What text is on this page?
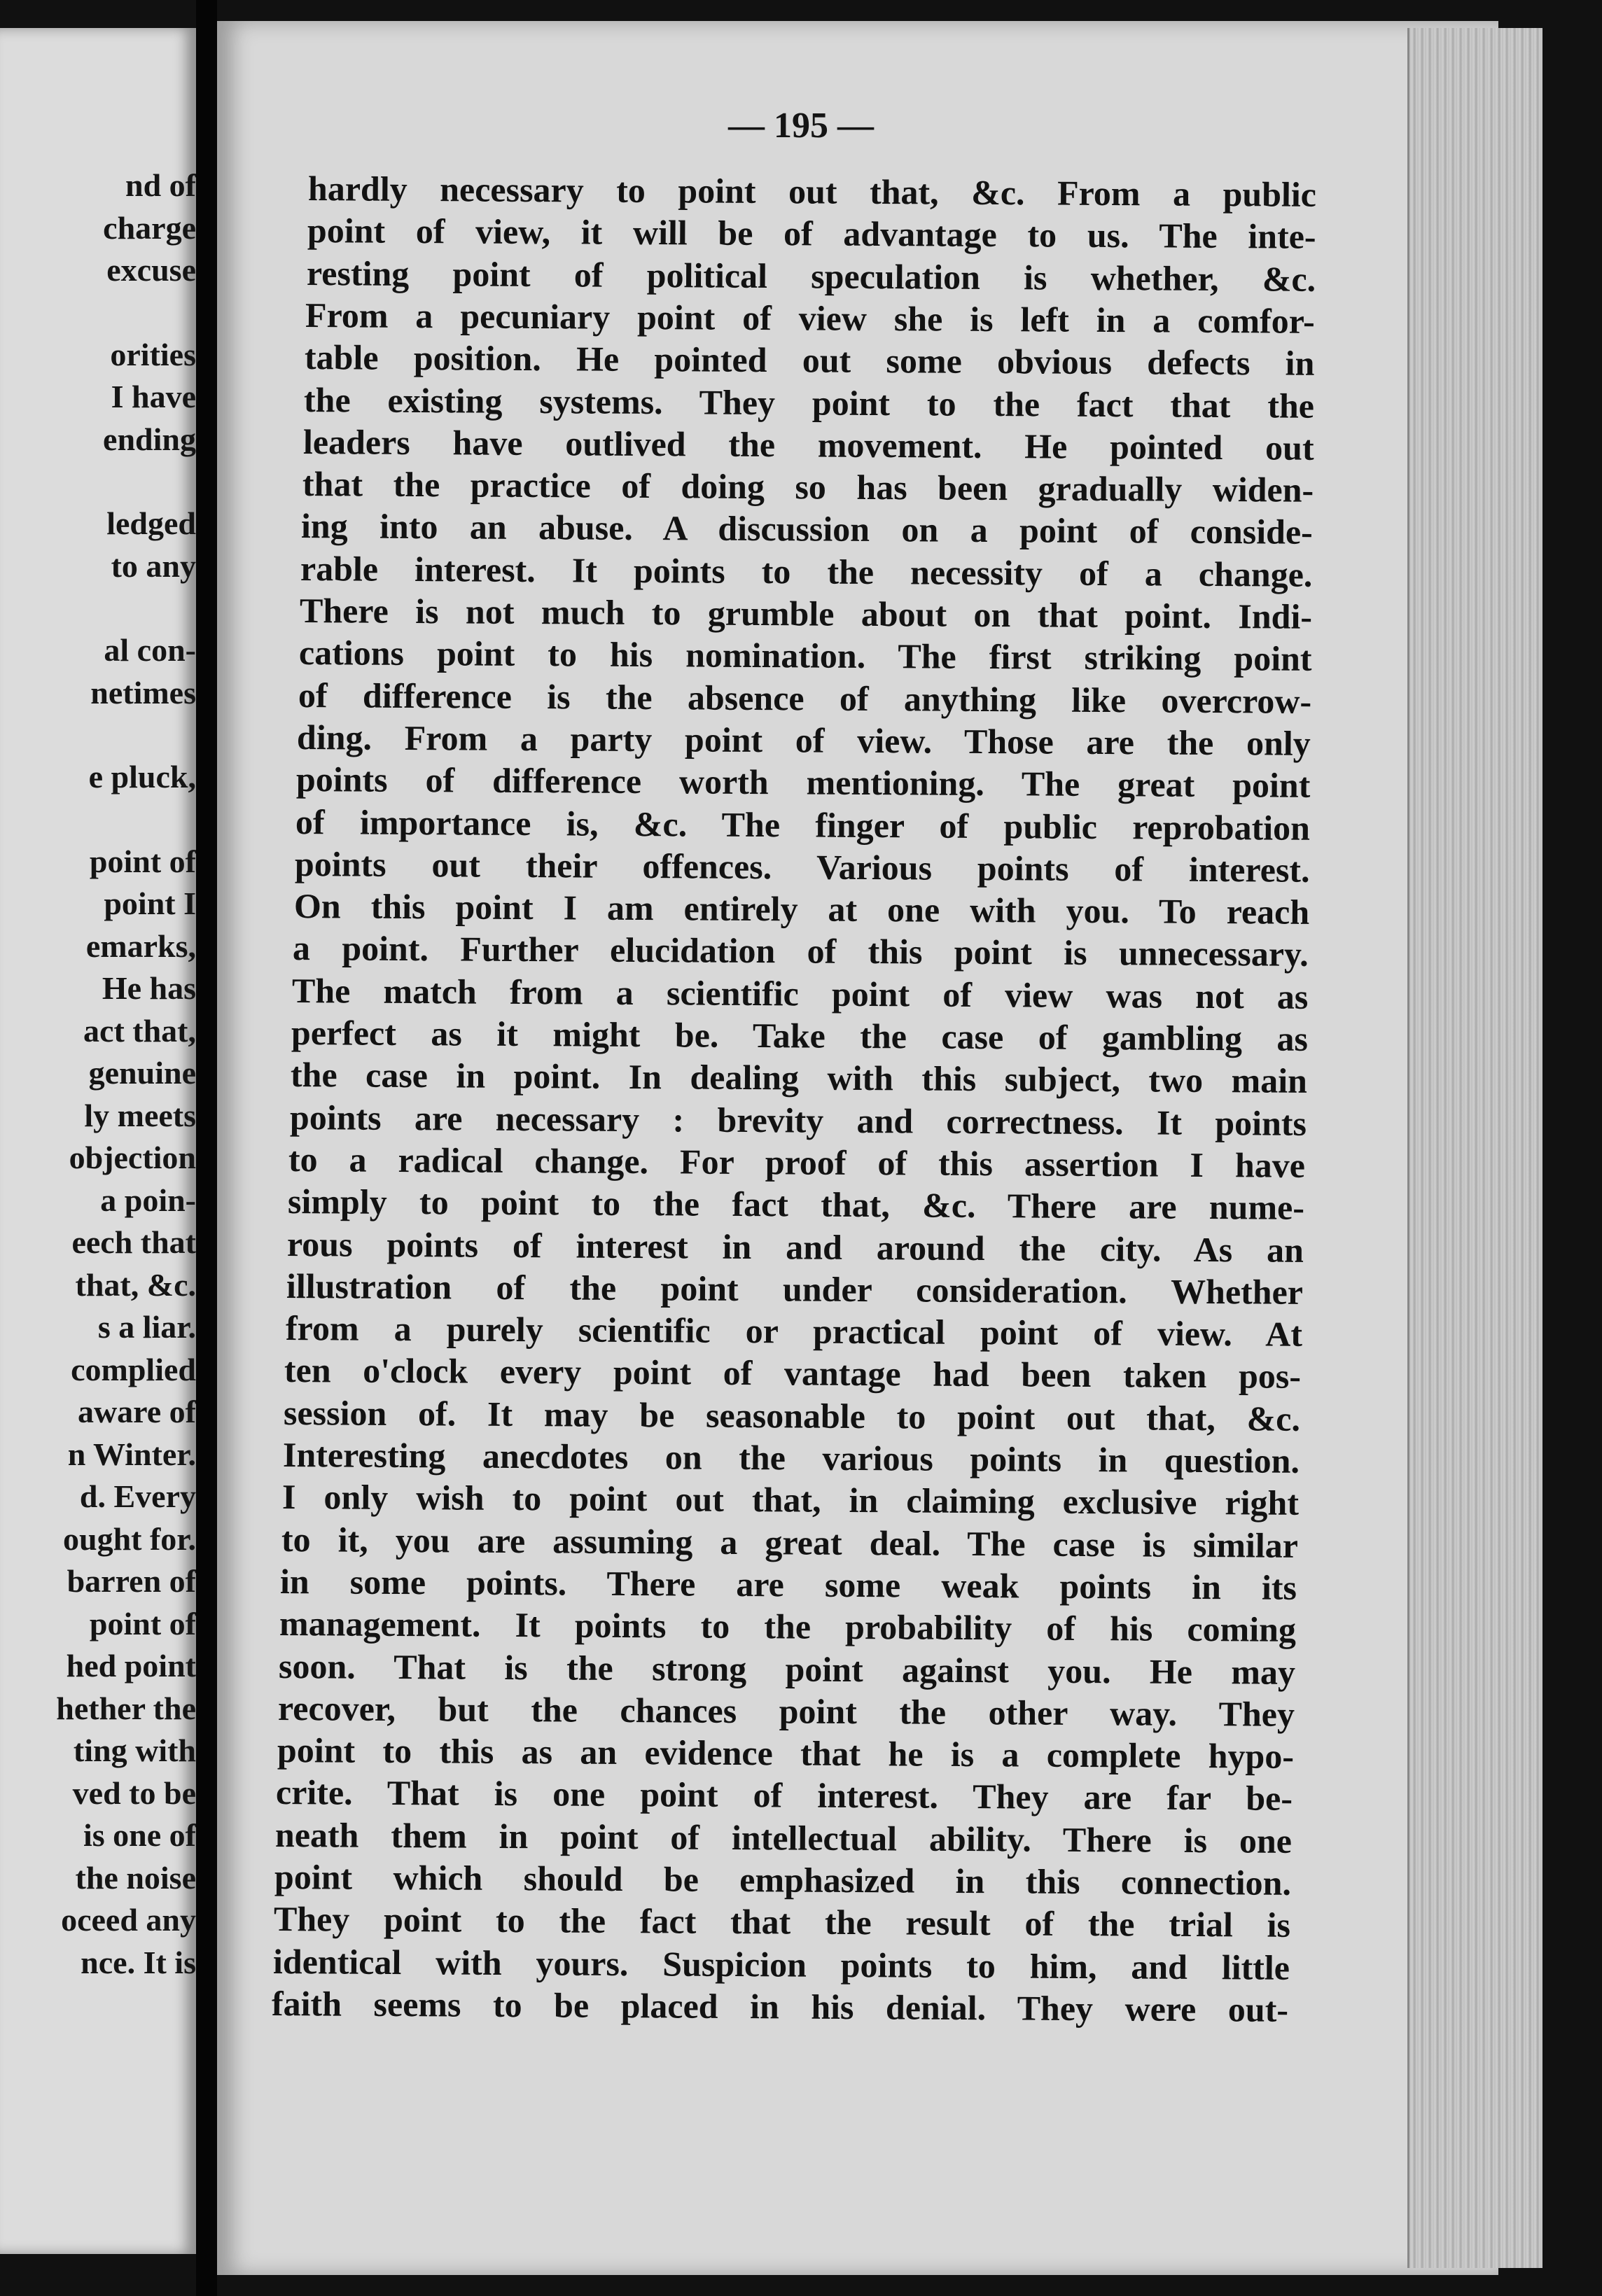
nd of
charge
excuse
orities
I have
ending
ledged
to any
al con-
netimes
e pluck,
point of
point I
emarks,
He has
act that,
genuine
ly meets
objection
a poin-
eech that
that, &c.
s a liar.
complied
aware of
n Winter.
d. Every
ought for.
barren of
point of
hed point
hether the
ting with
ved to be
is one of
the noise
oceed any
nce. It is
— 195 —
hardly necessary to point out that, &c. From a public
point of view, it will be of advantage to us. The inte-
resting point of political speculation is whether, &c.
From a pecuniary point of view she is left in a comfor-
table position. He pointed out some obvious defects in
the existing systems. They point to the fact that the
leaders have outlived the movement. He pointed out
that the practice of doing so has been gradually widen-
ing into an abuse. A discussion on a point of conside-
rable interest. It points to the necessity of a change.
There is not much to grumble about on that point. Indi-
cations point to his nomination. The first striking point
of difference is the absence of anything like overcrow-
ding. From a party point of view. Those are the only
points of difference worth mentioning. The great point
of importance is, &c. The finger of public reprobation
points out their offences. Various points of interest.
On this point I am entirely at one with you. To reach
a point. Further elucidation of this point is unnecessary.
The match from a scientific point of view was not as
perfect as it might be. Take the case of gambling as
the case in point. In dealing with this subject, two main
points are necessary : brevity and correctness. It points
to a radical change. For proof of this assertion I have
simply to point to the fact that, &c. There are nume-
rous points of interest in and around the city. As an
illustration of the point under consideration. Whether
from a purely scientific or practical point of view. At
ten o'clock every point of vantage had been taken pos-
session of. It may be seasonable to point out that, &c.
Interesting anecdotes on the various points in question.
I only wish to point out that, in claiming exclusive right
to it, you are assuming a great deal. The case is similar
in some points. There are some weak points in its
management. It points to the probability of his coming
soon. That is the strong point against you. He may
recover, but the chances point the other way. They
point to this as an evidence that he is a complete hypo-
crite. That is one point of interest. They are far be-
neath them in point of intellectual ability. There is one
point which should be emphasized in this connection.
They point to the fact that the result of the trial is
identical with yours. Suspicion points to him, and little
faith seems to be placed in his denial. They were out-
